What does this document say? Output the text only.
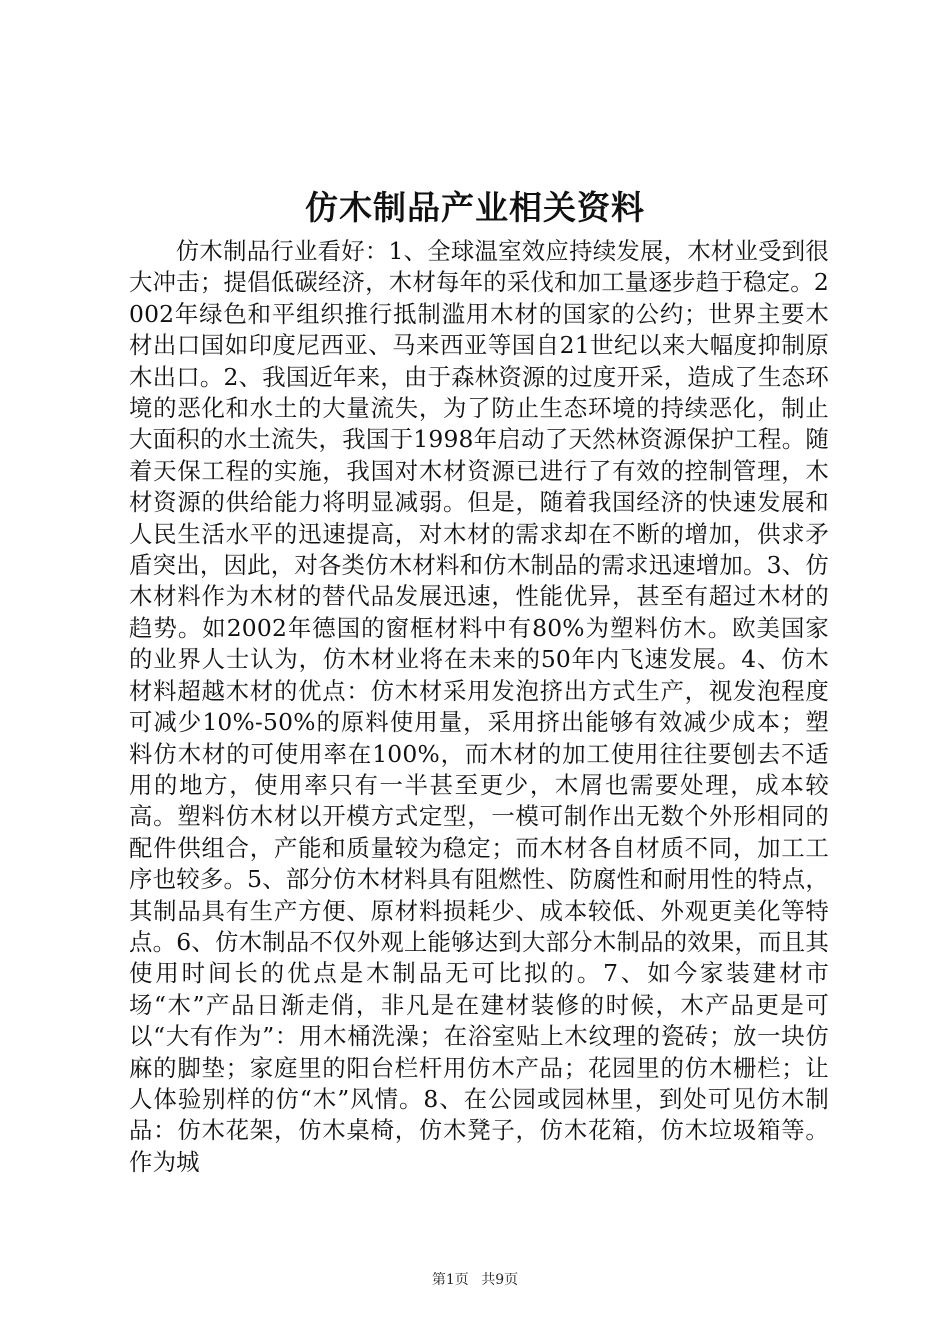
仿木制品产业相关资料

仿木制品行业看好：1、全球温室效应持续发展，木材业受到很大冲击；提倡低碳经济，木材每年的采伐和加工量逐步趋于稳定。2002年绿色和平组织推行抵制滥用木材的国家的公约；世界主要木材出口国如印度尼西亚、马来西亚等国自21世纪以来大幅度抑制原木出口。2、我国近年来，由于森林资源的过度开采，造成了生态环境的恶化和水土的大量流失，为了防止生态环境的持续恶化，制止大面积的水土流失，我国于1998年启动了天然林资源保护工程。随着天保工程的实施，我国对木材资源已进行了有效的控制管理，木材资源的供给能力将明显减弱。但是，随着我国经济的快速发展和人民生活水平的迅速提高，对木材的需求却在不断的增加，供求矛盾突出，因此，对各类仿木材料和仿木制品的需求迅速增加。3、仿木材料作为木材的替代品发展迅速，性能优异，甚至有超过木材的趋势。如2002年德国的窗框材料中有80%为塑料仿木。欧美国家的业界人士认为，仿木材业将在未来的50年内飞速发展。4、仿木材料超越木材的优点：仿木材采用发泡挤出方式生产，视发泡程度可减少10%-50%的原料使用量，采用挤出能够有效减少成本；塑料仿木材的可使用率在100%，而木材的加工使用往往要刨去不适用的地方，使用率只有一半甚至更少，木屑也需要处理，成本较高。塑料仿木材以开模方式定型，一模可制作出无数个外形相同的配件供组合，产能和质量较为稳定；而木材各自材质不同，加工工序也较多。5、部分仿木材料具有阻燃性、防腐性和耐用性的特点，其制品具有生产方便、原材料损耗少、成本较低、外观更美化等特点。6、仿木制品不仅外观上能够达到大部分木制品的效果，而且其使用时间长的优点是木制品无可比拟的。7、如今家装建材市场“木”产品日渐走俏，非凡是在建材装修的时候，木产品更是可以“大有作为”：用木桶洗澡；在浴室贴上木纹理的瓷砖；放一块仿麻的脚垫；家庭里的阳台栏杆用仿木产品；花园里的仿木栅栏；让人体验别样的仿“木”风情。8、在公园或园林里，到处可见仿木制品：仿木花架，仿木桌椅，仿木凳子，仿木花箱，仿木垃圾箱等。作为城

第1页 共9页
